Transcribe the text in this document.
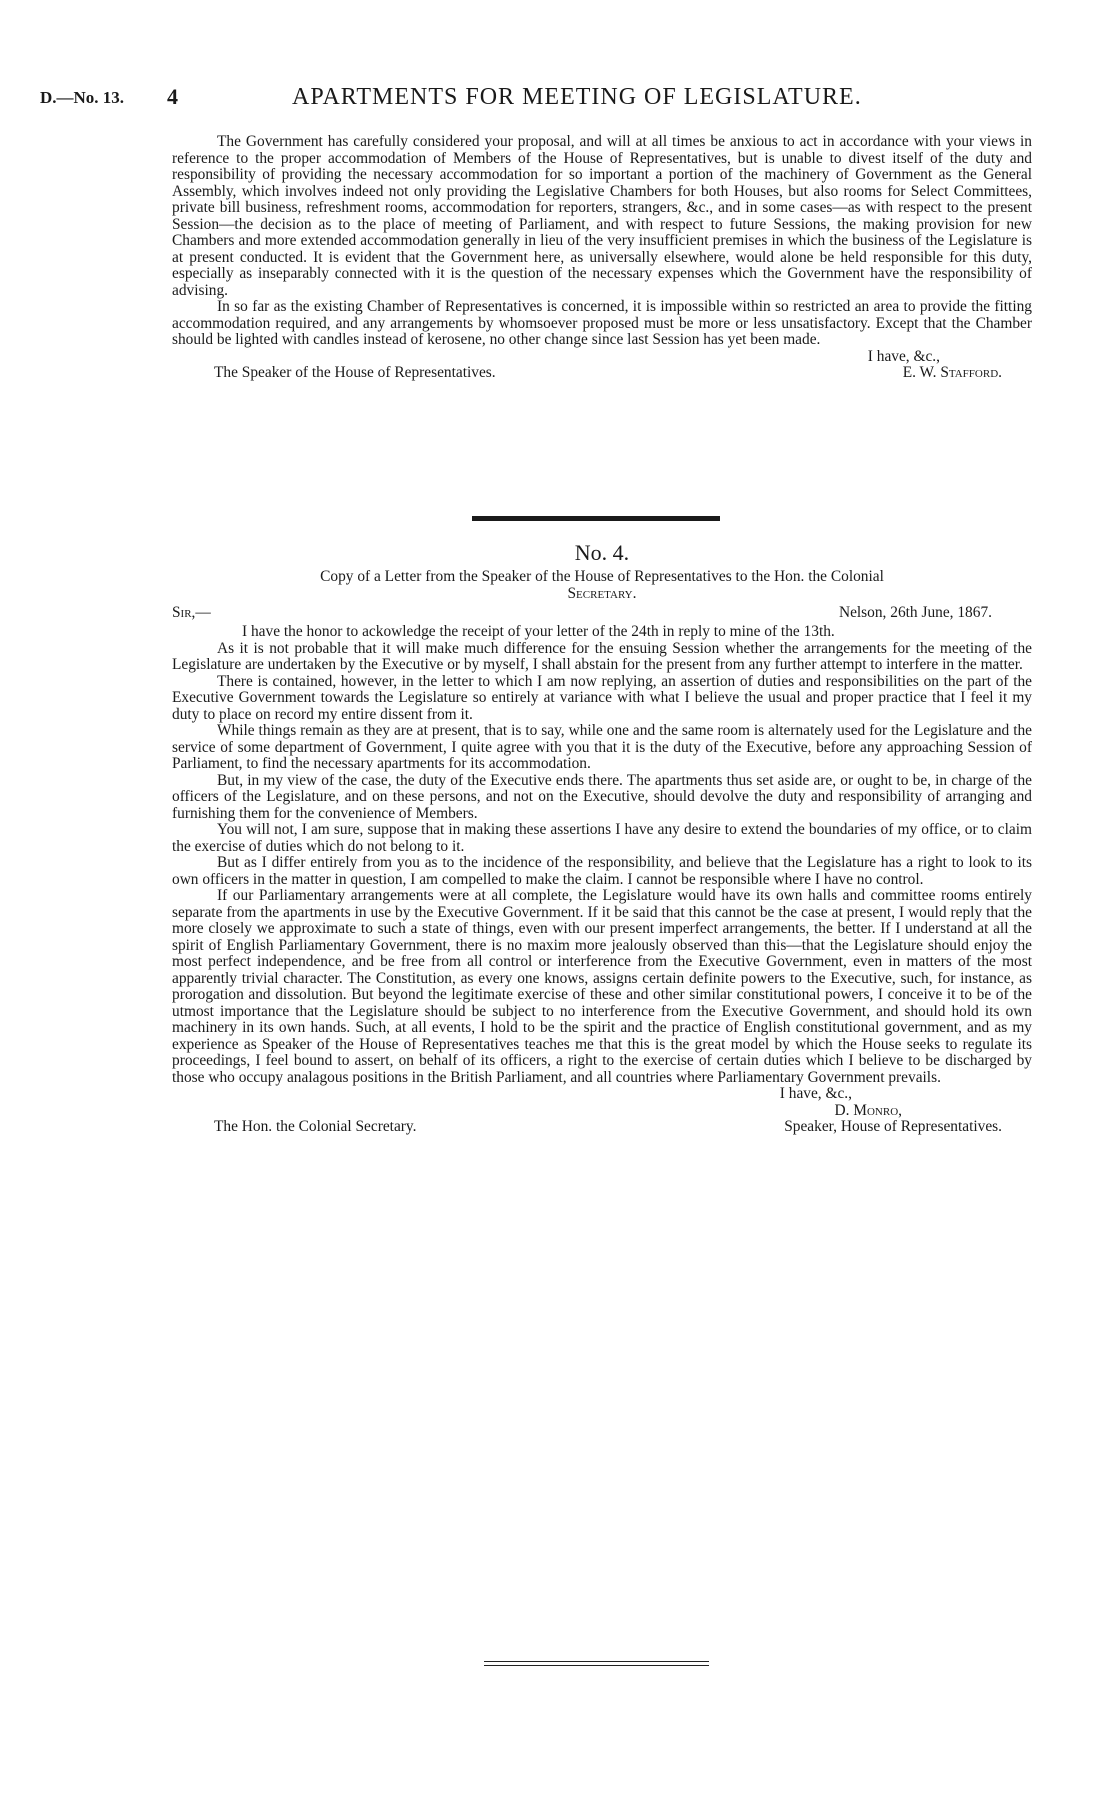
D.—No. 13. 4	APARTMENTS FOR MEETING OF LEGISLATURE.

The Government has carefully considered your proposal, and will at all times be anxious to act in accordance with your views in reference to the proper accommodation of Members of the House of Representatives, but is unable to divest itself of the duty and responsibility of providing the necessary accommodation for so important a portion of the machinery of Government as the General Assembly, which involves indeed not only providing the Legislative Chambers for both Houses, but also rooms for Select Committees, private bill business, refreshment rooms, accommodation for reporters, strangers, &c., and in some cases—as with respect to the present Session—the decision as to the place of meeting of Parliament, and with respect to future Sessions, the making provision for new Chambers and more extended accommodation generally in lieu of the very insufficient premises in which the business of the Legislature is at present conducted. It is evident that the Government here, as universally elsewhere, would alone be held responsible for this duty, especially as inseparably connected with it is the question of the necessary expenses which the Government have the responsibility of advising.

In so far as the existing Chamber of Representatives is concerned, it is impossible within so restricted an area to provide the fitting accommodation required, and any arrangements by whomsoever proposed must be more or less unsatisfactory. Except that the Chamber should be lighted with candles instead of kerosene, no other change since last Session has yet been made.

I have, &c.,

The Speaker of the House of Representatives.	E. W. Stafford.
No. 4.
Copy of a Letter from the Speaker of the House of Representatives to the Hon. the Colonial
Secretary.
Sir,—	Nelson, 26th June, 1867.

I have the honor to ackowledge the receipt of your letter of the 24th in reply to mine of the 13th.

As it is not probable that it will make much difference for the ensuing Session whether the arrangements for the meeting of the Legislature are undertaken by the Executive or by myself, I shall abstain for the present from any further attempt to interfere in the matter.

There is contained, however, in the letter to which I am now replying, an assertion of duties and responsibilities on the part of the Executive Government towards the Legislature so entirely at variance with what I believe the usual and proper practice that I feel it my duty to place on record my entire dissent from it.

While things remain as they are at present, that is to say, while one and the same room is alternately used for the Legislature and the service of some department of Government, I quite agree with you that it is the duty of the Executive, before any approaching Session of Parliament, to find the necessary apartments for its accommodation.

But, in my view of the case, the duty of the Executive ends there. The apartments thus set aside are, or ought to be, in charge of the officers of the Legislature, and on these persons, and not on the Executive, should devolve the duty and responsibility of arranging and furnishing them for the convenience of Members.

You will not, I am sure, suppose that in making these assertions I have any desire to extend the boundaries of my office, or to claim the exercise of duties which do not belong to it.

But as I differ entirely from you as to the incidence of the responsibility, and believe that the Legislature has a right to look to its own officers in the matter in question, I am compelled to make the claim. I cannot be responsible where I have no control.

If our Parliamentary arrangements were at all complete, the Legislature would have its own halls and committee rooms entirely separate from the apartments in use by the Executive Government. If it be said that this cannot be the case at present, I would reply that the more closely we approximate to such a state of things, even with our present imperfect arrangements, the better. If I understand at all the spirit of English Parliamentary Government, there is no maxim more jealously observed than this—that the Legislature should enjoy the most perfect independence, and be free from all control or interference from the Executive Government, even in matters of the most apparently trivial character. The Constitution, as every one knows, assigns certain definite powers to the Executive, such, for instance, as prorogation and dissolution. But beyond the legitimate exercise of these and other similar constitutional powers, I conceive it to be of the utmost importance that the Legislature should be subject to no interference from the Executive Government, and should hold its own machinery in its own hands. Such, at all events, I hold to be the spirit and the practice of English constitutional government, and as my experience as Speaker of the House of Representatives teaches me that this is the great model by which the House seeks to regulate its proceedings, I feel bound to assert, on behalf of its officers, a right to the exercise of certain duties which I believe to be discharged by those who occupy analagous positions in the British Parliament, and all countries where Parliamentary Government prevails.

I have, &c.,

D. Monro,

The Hon. the Colonial Secretary.	Speaker, House of Representatives.
